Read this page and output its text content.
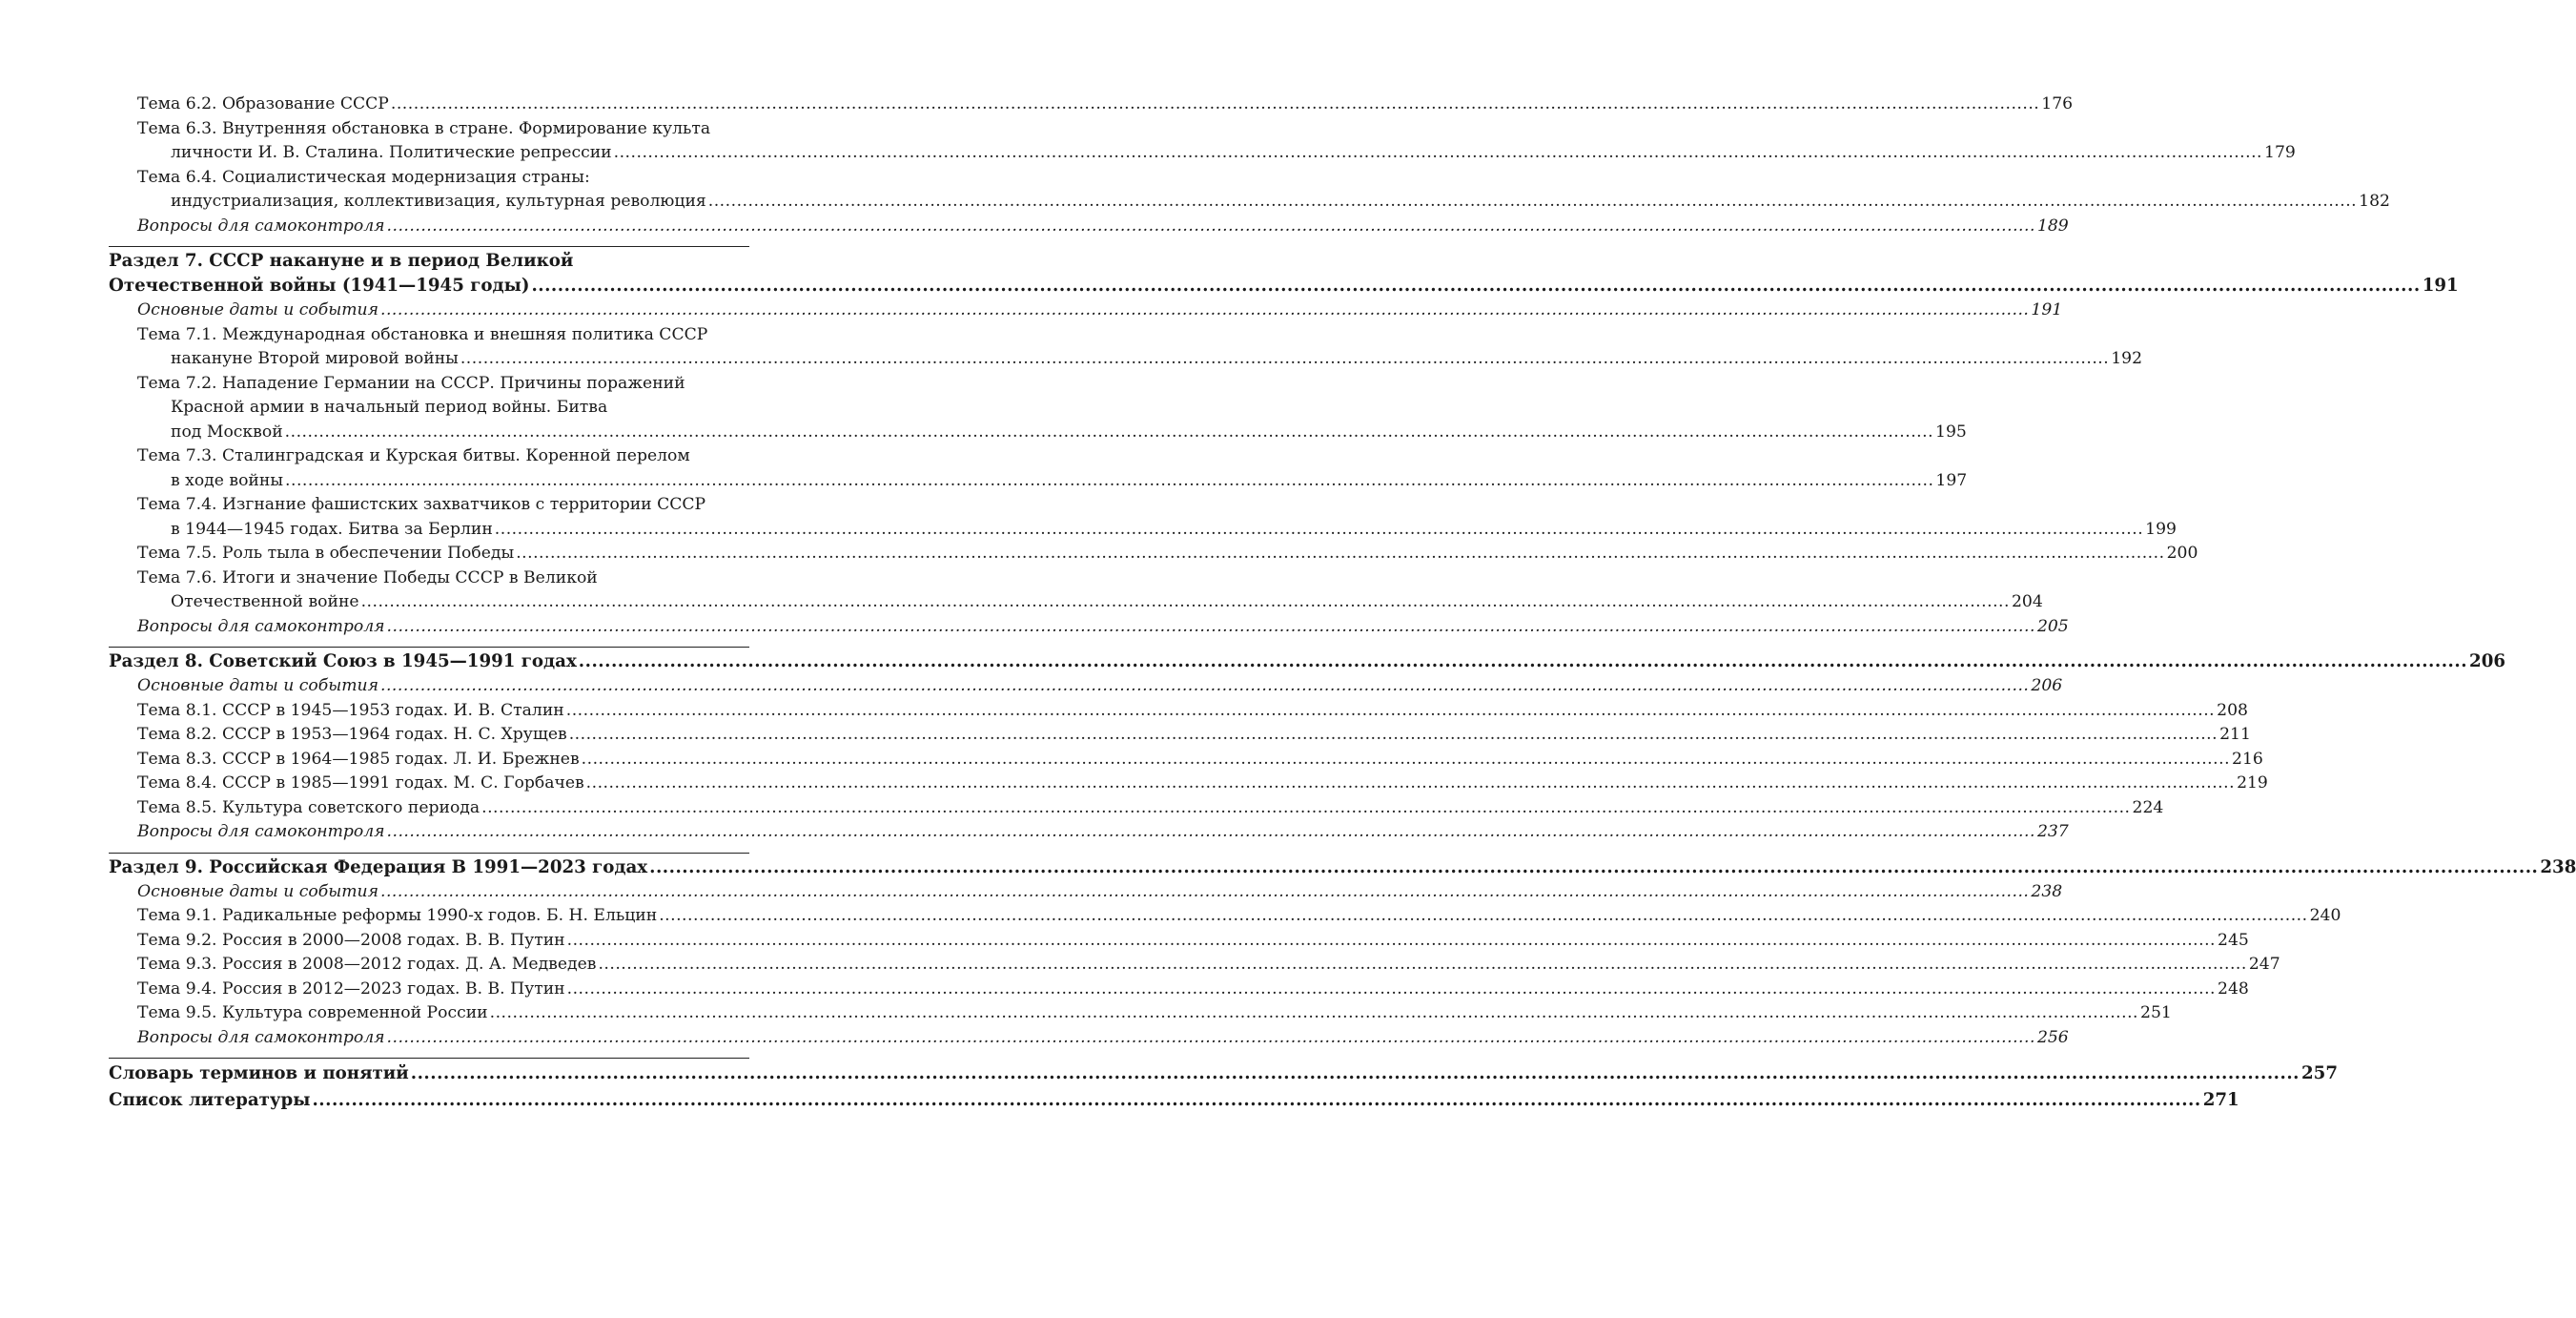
Тема 6.2. Образование СССР .....	176
Тема 6.3. Внутренняя обстановка в стране. Формирование культа
личности И. В. Сталина. Политические репрессии .....	179
Тема 6.4. Социалистическая модернизация страны:
индустриализация, коллективизация, культурная революция .....	182
Вопросы для самоконтроля .....	189
Раздел 7. СССР накануне и в период Великой
Отечественной войны (1941—1945 годы) .....	191
Основные даты и события .....	191
Тема 7.1. Международная обстановка и внешняя политика СССР
накануне Второй мировой войны .....	192
Тема 7.2. Нападение Германии на СССР. Причины поражений
Красной армии в начальный период войны. Битва
под Москвой .....	195
Тема 7.3. Сталинградская и Курская битвы. Коренной перелом
в ходе войны .....	197
Тема 7.4. Изгнание фашистских захватчиков с территории СССР
в 1944—1945 годах. Битва за Берлин .....	199
Тема 7.5. Роль тыла в обеспечении Победы .....	200
Тема 7.6. Итоги и значение Победы СССР в Великой
Отечественной войне .....	204
Вопросы для самоконтроля .....	205
Раздел 8. Советский Союз в 1945—1991 годах .....	206
Основные даты и события .....	206
Тема 8.1. СССР в 1945—1953 годах. И. В. Сталин .....	208
Тема 8.2. СССР в 1953—1964 годах. Н. С. Хрущев .....	211
Тема 8.3. СССР в 1964—1985 годах. Л. И. Брежнев .....	216
Тема 8.4. СССР в 1985—1991 годах. М. С. Горбачев .....	219
Тема 8.5. Культура советского периода .....	224
Вопросы для самоконтроля .....	237
Раздел 9. Российская Федерация В 1991—2023 годах .....	238
Основные даты и события .....	238
Тема 9.1. Радикальные реформы 1990-х годов. Б. Н. Ельцин .....	240
Тема 9.2. Россия в 2000—2008 годах. В. В. Путин .....	245
Тема 9.3. Россия в 2008—2012 годах. Д. А. Медведев .....	247
Тема 9.4. Россия в 2012—2023 годах. В. В. Путин .....	248
Тема 9.5. Культура современной России .....	251
Вопросы для самоконтроля .....	256
Словарь терминов и понятий .....	257
Список литературы .....	271
